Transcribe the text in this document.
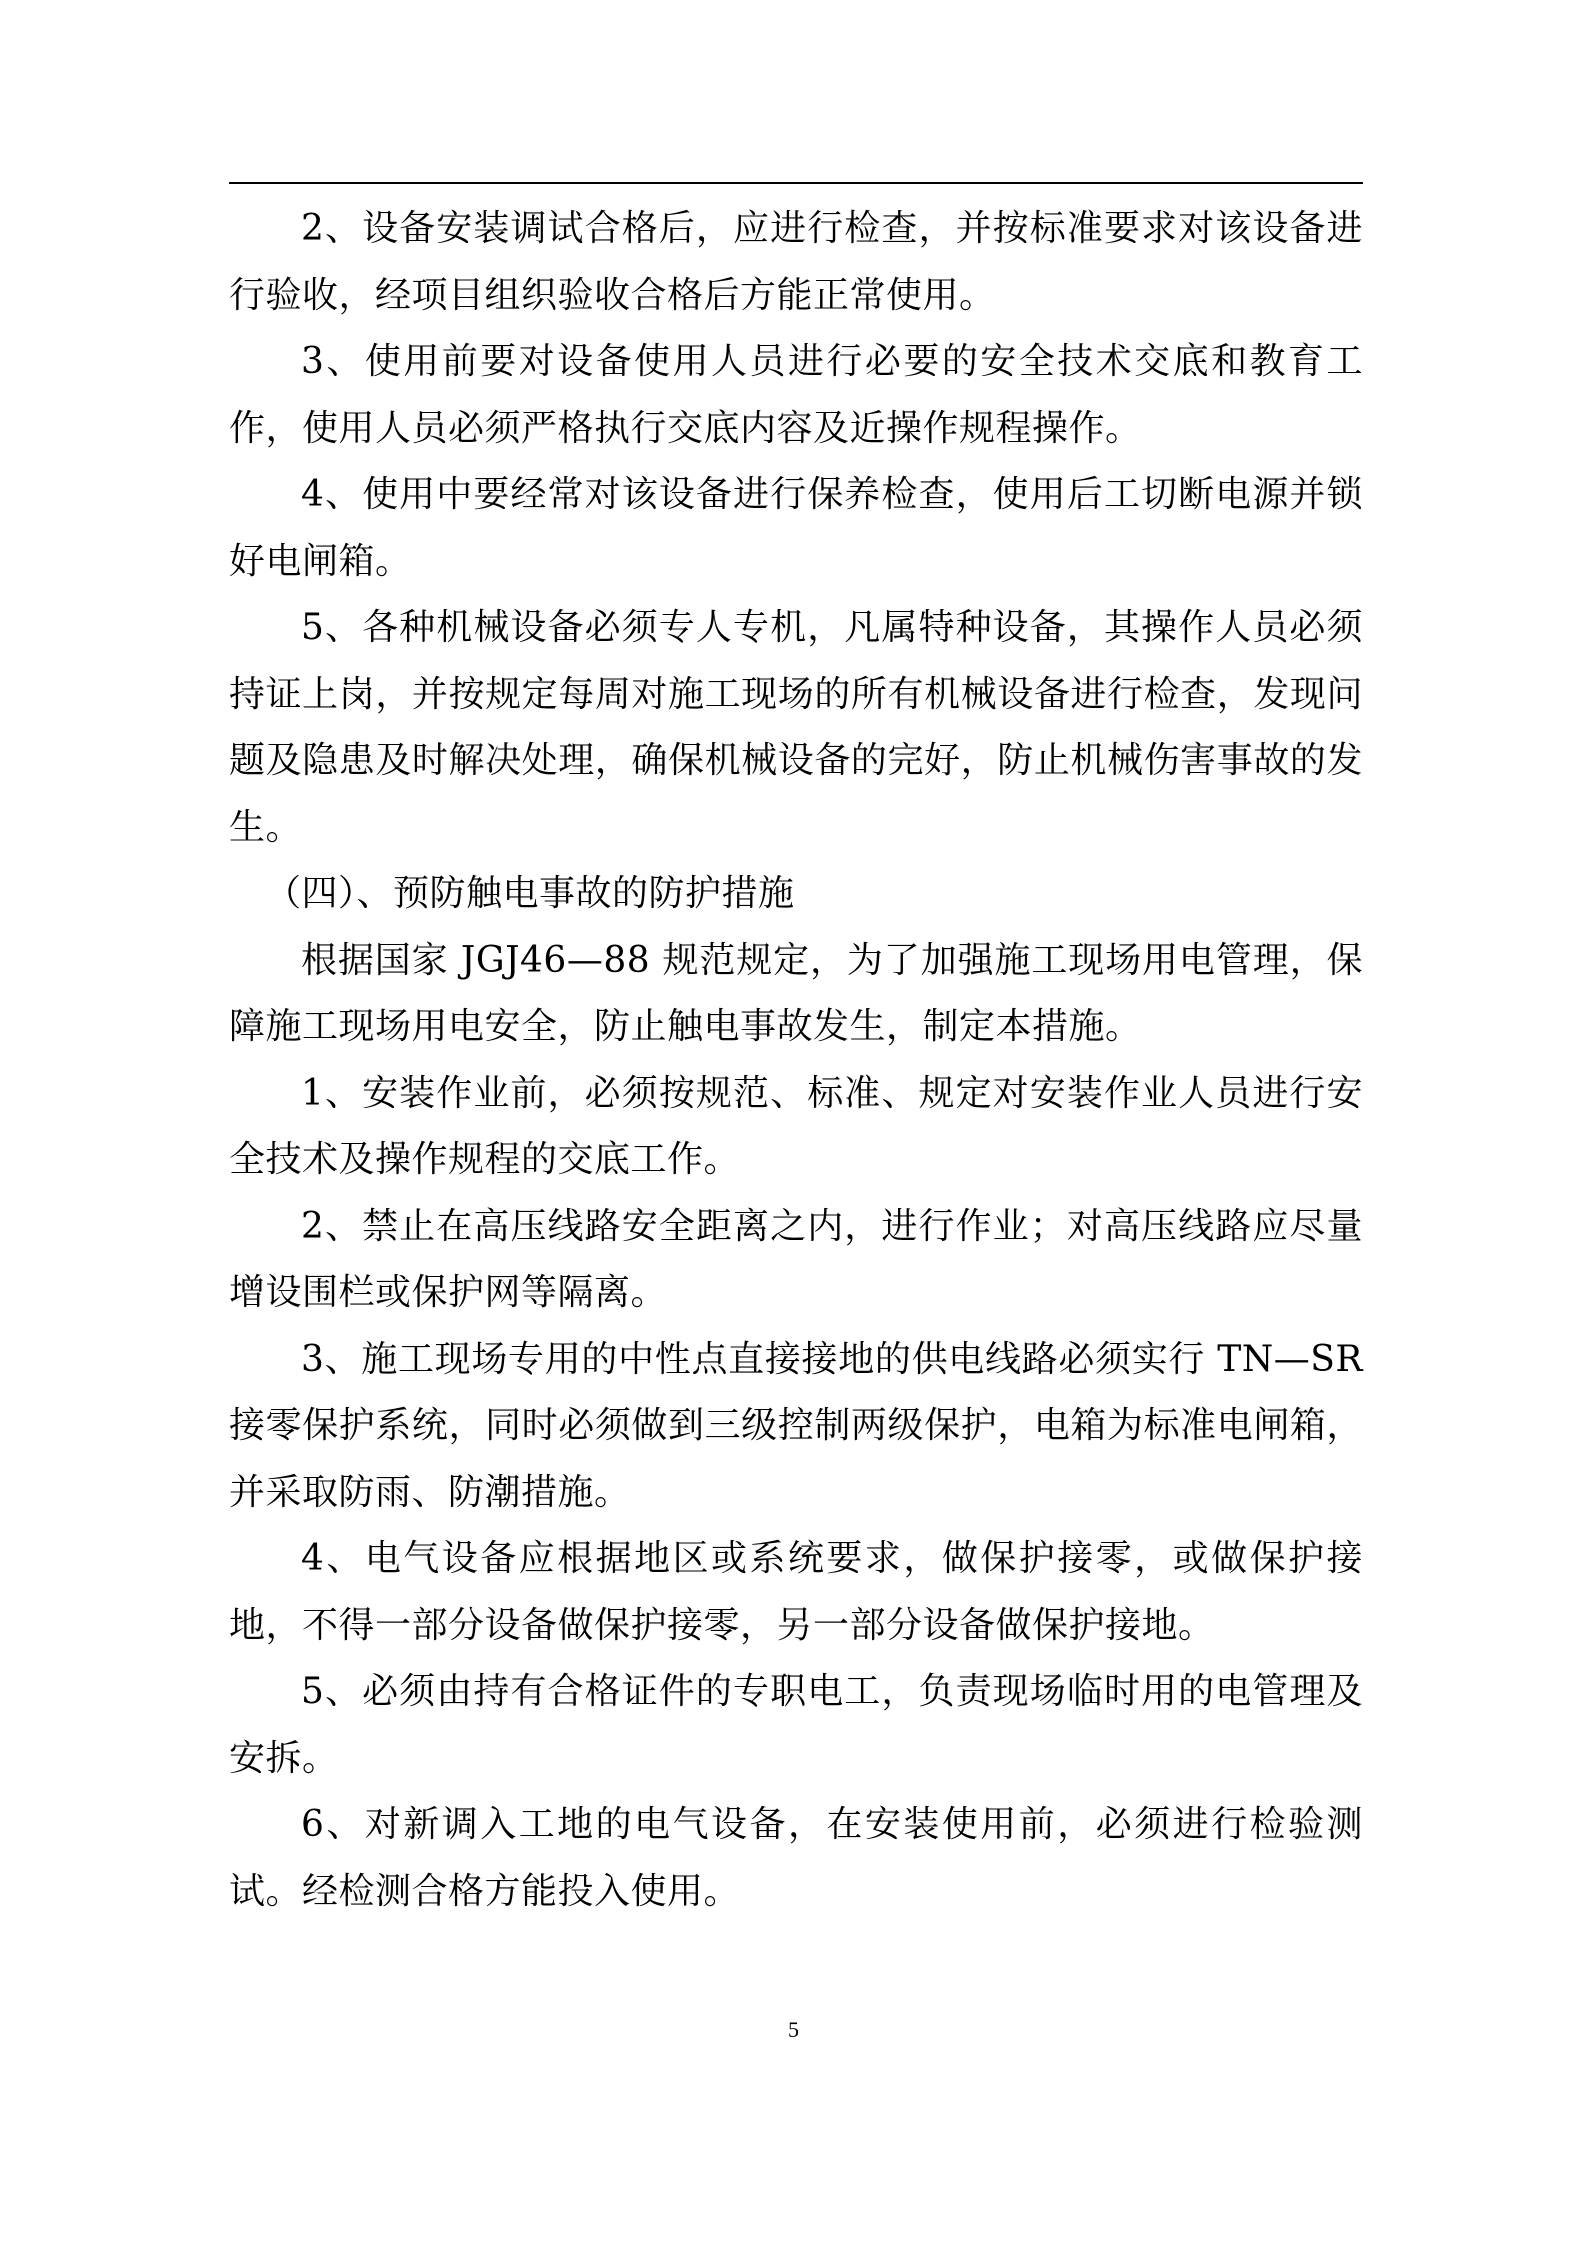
2、设备安装调试合格后，应进行检查，并按标准要求对该设备进行验收，经项目组织验收合格后方能正常使用。

3、使用前要对设备使用人员进行必要的安全技术交底和教育工作，使用人员必须严格执行交底内容及近操作规程操作。

4、使用中要经常对该设备进行保养检查，使用后工切断电源并锁好电闸箱。

5、各种机械设备必须专人专机，凡属特种设备，其操作人员必须持证上岗，并按规定每周对施工现场的所有机械设备进行检查，发现问题及隐患及时解决处理，确保机械设备的完好，防止机械伤害事故的发生。

（四）、预防触电事故的防护措施

根据国家 JGJ46—88 规范规定，为了加强施工现场用电管理，保障施工现场用电安全，防止触电事故发生，制定本措施。

1、安装作业前，必须按规范、标准、规定对安装作业人员进行安全技术及操作规程的交底工作。

2、禁止在高压线路安全距离之内，进行作业；对高压线路应尽量增设围栏或保护网等隔离。

3、施工现场专用的中性点直接接地的供电线路必须实行 TN—SR 接零保护系统，同时必须做到三级控制两级保护，电箱为标准电闸箱，并采取防雨、防潮措施。

4、电气设备应根据地区或系统要求，做保护接零，或做保护接地，不得一部分设备做保护接零，另一部分设备做保护接地。

5、必须由持有合格证件的专职电工，负责现场临时用的电管理及安拆。

6、对新调入工地的电气设备，在安装使用前，必须进行检验测试。经检测合格方能投入使用。

5
